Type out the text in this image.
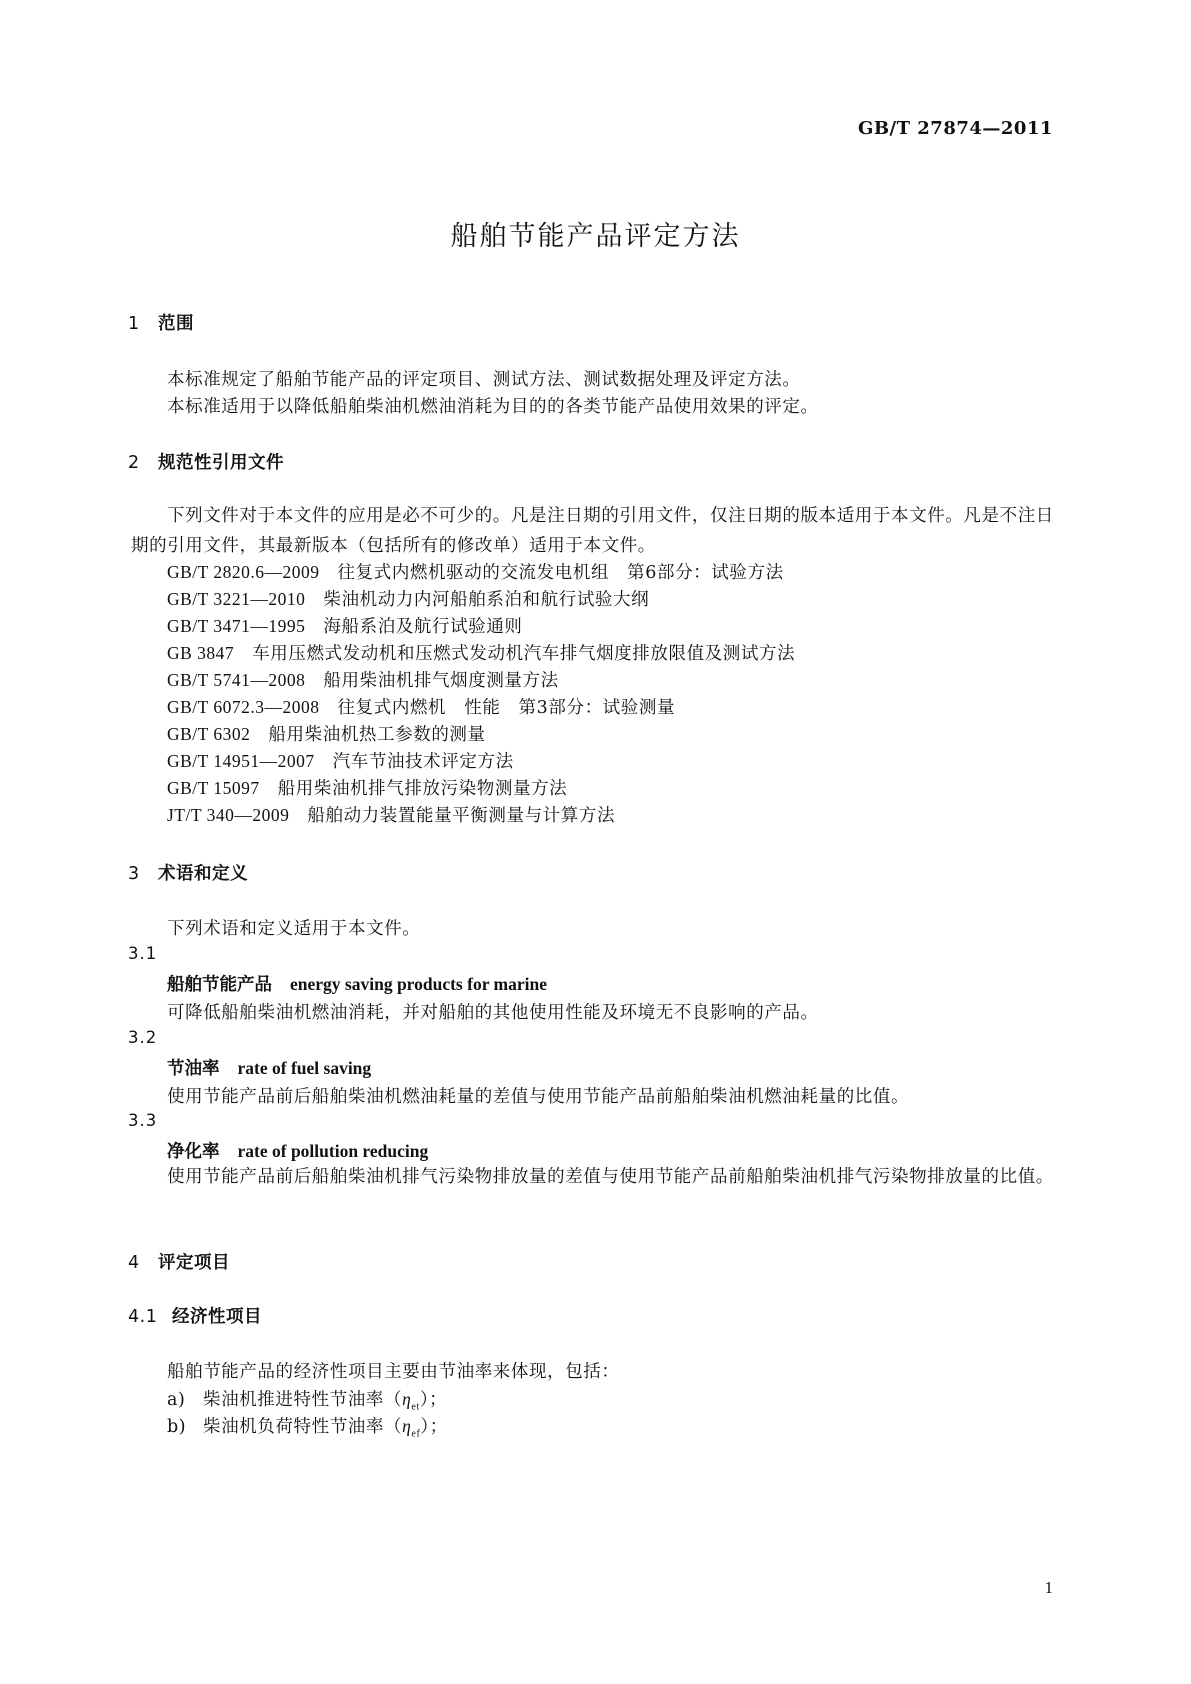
GB/T 27874—2011
船舶节能产品评定方法
1 范围
本标准规定了船舶节能产品的评定项目、测试方法、测试数据处理及评定方法。
本标准适用于以降低船舶柴油机燃油消耗为目的的各类节能产品使用效果的评定。
2 规范性引用文件
下列文件对于本文件的应用是必不可少的。凡是注日期的引用文件，仅注日期的版本适用于本文件。凡是不注日期的引用文件，其最新版本（包括所有的修改单）适用于本文件。
GB/T 2820.6—2009 往复式内燃机驱动的交流发电机组　第6部分：试验方法
GB/T 3221—2010 柴油机动力内河船舶系泊和航行试验大纲
GB/T 3471—1995 海船系泊及航行试验通则
GB 3847 车用压燃式发动机和压燃式发动机汽车排气烟度排放限值及测试方法
GB/T 5741—2008 船用柴油机排气烟度测量方法
GB/T 6072.3—2008 往复式内燃机　性能　第3部分：试验测量
GB/T 6302 船用柴油机热工参数的测量
GB/T 14951—2007 汽车节油技术评定方法
GB/T 15097 船用柴油机排气排放污染物测量方法
JT/T 340—2009 船舶动力装置能量平衡测量与计算方法
3 术语和定义
下列术语和定义适用于本文件。
3.1
船舶节能产品 energy saving products for marine
可降低船舶柴油机燃油消耗，并对船舶的其他使用性能及环境无不良影响的产品。
3.2
节油率 rate of fuel saving
使用节能产品前后船舶柴油机燃油耗量的差值与使用节能产品前船舶柴油机燃油耗量的比值。
3.3
净化率 rate of pollution reducing
使用节能产品前后船舶柴油机排气污染物排放量的差值与使用节能产品前船舶柴油机排气污染物排放量的比值。
4 评定项目
4.1 经济性项目
船舶节能产品的经济性项目主要由节油率来体现，包括：
a) 柴油机推进特性节油率$(\eta_{et})$；
b) 柴油机负荷特性节油率$(\eta_{ef})$；
1
